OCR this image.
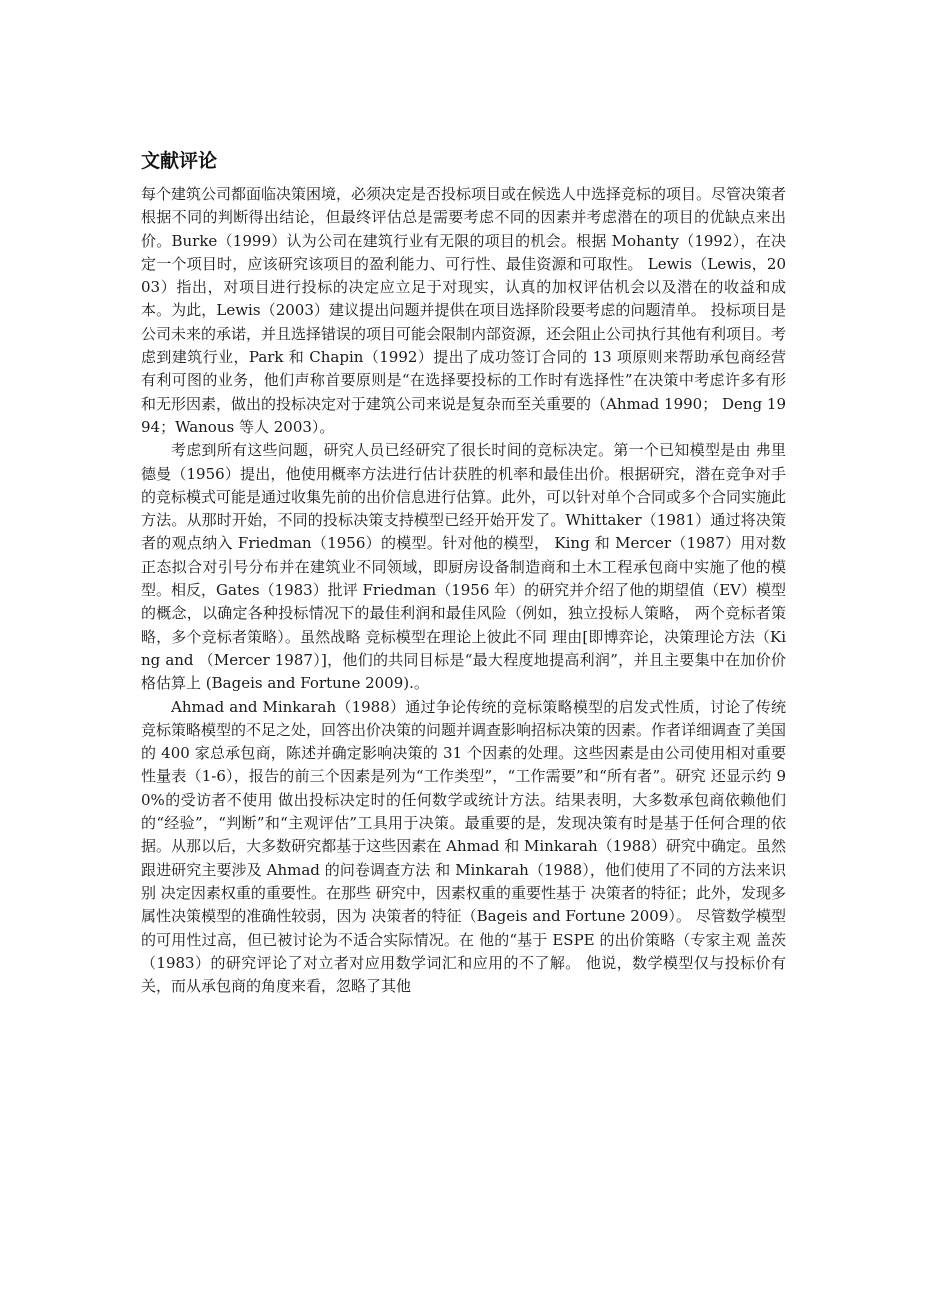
文献评论

每个建筑公司都面临决策困境，必须决定是否投标项目或在候选人中选择竞标的项目。尽管决策者根据不同的判断得出结论，但最终评估总是需要考虑不同的因素并考虑潜在的项目的优缺点来出价。Burke（1999）认为公司在建筑行业有无限的项目的机会。根据 Mohanty（1992），在决定一个项目时，应该研究该项目的盈利能力、可行性、最佳资源和可取性。 Lewis（Lewis，2003）指出，对项目进行投标的决定应立足于对现实，认真的加权评估机会以及潜在的收益和成本。为此，Lewis（2003）建议提出问题并提供在项目选择阶段要考虑的问题清单。 投标项目是公司未来的承诺，并且选择错误的项目可能会限制内部资源，还会阻止公司执行其他有利项目。考虑到建筑行业，Park 和 Chapin（1992）提出了成功签订合同的 13 项原则来帮助承包商经营有利可图的业务，他们声称首要原则是“在选择要投标的工作时有选择性”在决策中考虑许多有形和无形因素，做出的投标决定对于建筑公司来说是复杂而至关重要的（Ahmad 1990； Deng 1994；Wanous 等人 2003）。

考虑到所有这些问题，研究人员已经研究了很长时间的竞标决定。第一个已知模型是由 弗里德曼（1956）提出，他使用概率方法进行估计获胜的机率和最佳出价。根据研究，潜在竞争对手的竞标模式可能是通过收集先前的出价信息进行估算。此外，可以针对单个合同或多个合同实施此方法。从那时开始，不同的投标决策支持模型已经开始开发了。Whittaker（1981）通过将决策者的观点纳入 Friedman（1956）的模型。针对他的模型， King 和 Mercer（1987）用对数正态拟合对引号分布并在建筑业不同领域，即厨房设备制造商和土木工程承包商中实施了他的模型。相反，Gates（1983）批评 Friedman（1956 年）的研究并介绍了他的期望值（EV）模型的概念，以确定各种投标情况下的最佳利润和最佳风险（例如，独立投标人策略， 两个竞标者策略，多个竞标者策略）。虽然战略 竞标模型在理论上彼此不同 理由[即博弈论，决策理论方法（King and （Mercer 1987）]，他们的共同目标是“最大程度地提高利润”，并且主要集中在加价价格估算上 (Bageis and Fortune 2009).。

Ahmad and Minkarah（1988）通过争论传统的竞标策略模型的启发式性质，讨论了传统竞标策略模型的不足之处，回答出价决策的问题并调查影响招标决策的因素。作者详细调查了美国的 400 家总承包商，陈述并确定影响决策的 31 个因素的处理。这些因素是由公司使用相对重要性量表（1-6），报告的前三个因素是列为“工作类型”，“工作需要”和“所有者”。研究 还显示约 90%的受访者不使用 做出投标决定时的任何数学或统计方法。结果表明，大多数承包商依赖他们的“经验”，“判断”和“主观评估”工具用于决策。最重要的是，发现决策有时是基于任何合理的依据。从那以后，大多数研究都基于这些因素在 Ahmad 和 Minkarah（1988）研究中确定。虽然跟进研究主要涉及 Ahmad 的问卷调查方法 和 Minkarah（1988），他们使用了不同的方法来识别 决定因素权重的重要性。在那些 研究中，因素权重的重要性基于 决策者的特征；此外，发现多属性决策模型的准确性较弱，因为 决策者的特征（Bageis and Fortune 2009）。 尽管数学模型的可用性过高，但已被讨论为不适合实际情况。在 他的“基于 ESPE 的出价策略（专家主观 盖茨（1983）的研究评论了对立者对应用数学词汇和应用的不了解。 他说，数学模型仅与投标价有关，而从承包商的角度来看，忽略了其他
